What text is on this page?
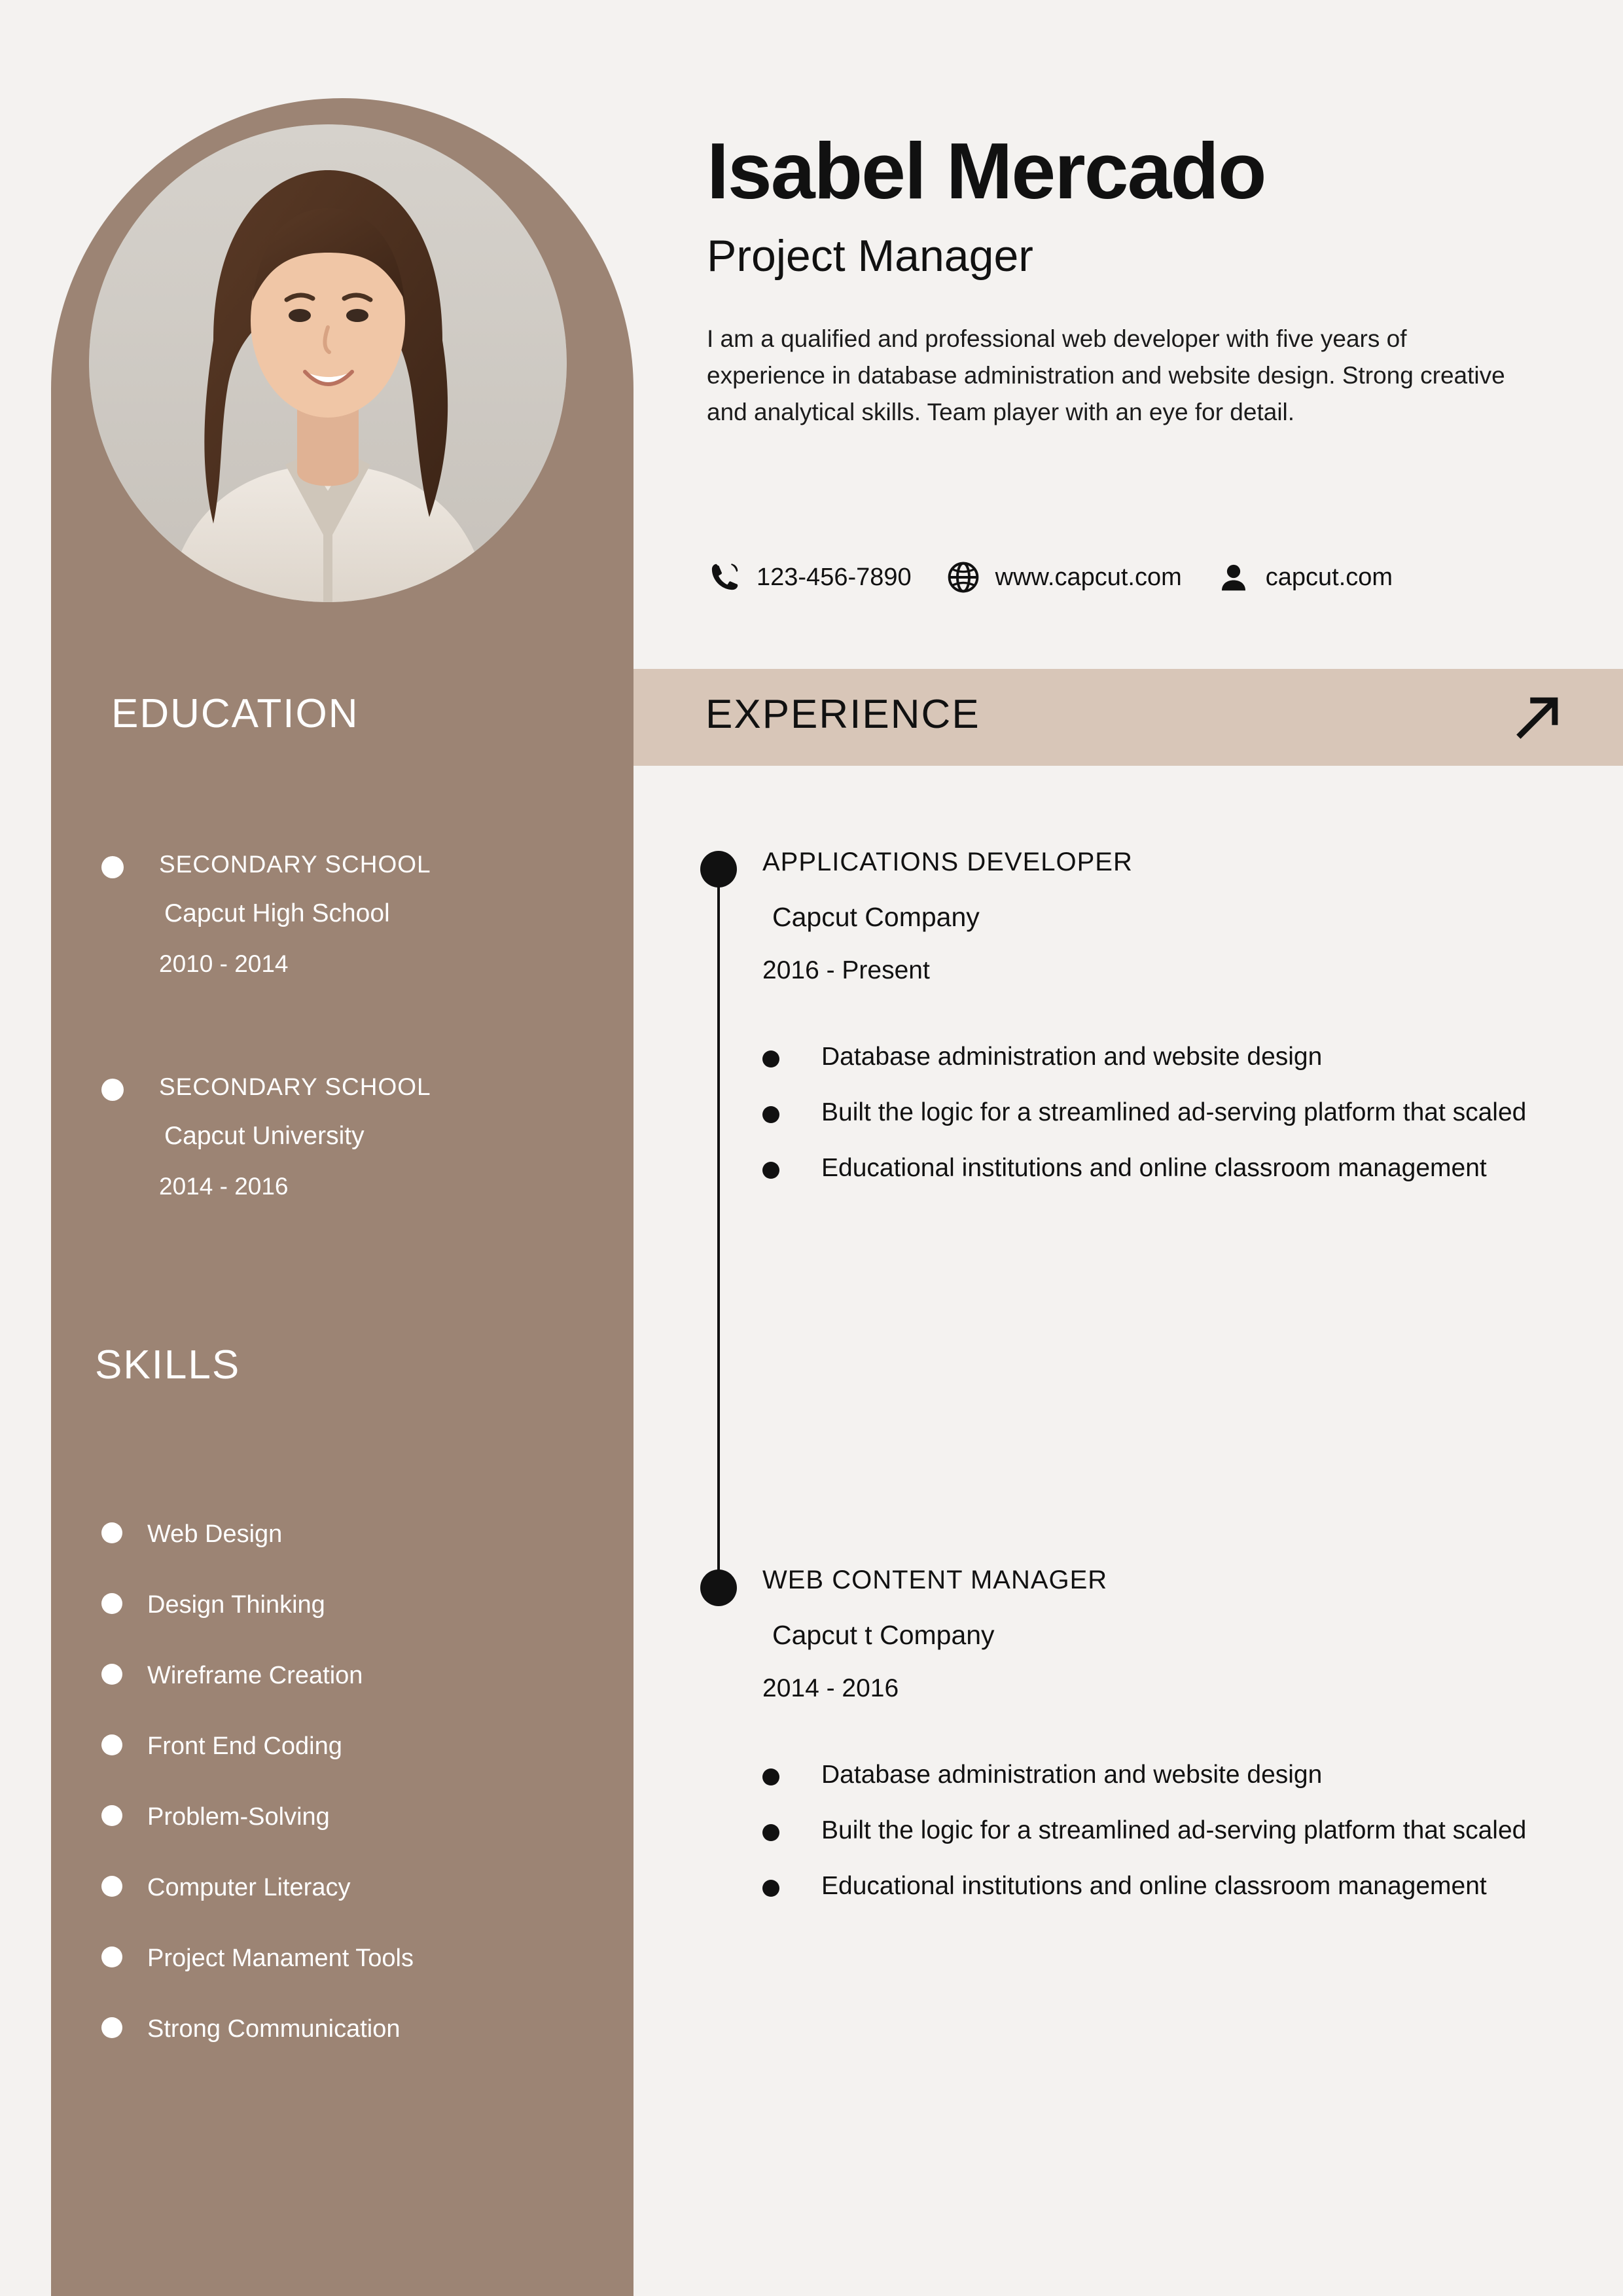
EDUCATION
SECONDARY SCHOOL
Capcut High School
2010 - 2014
SECONDARY SCHOOL
Capcut University
2014 - 2016
SKILLS
Web Design
Design Thinking
Wireframe Creation
Front End Coding
Problem-Solving
Computer Literacy
Project Manament Tools
Strong Communication
Isabel Mercado
Project Manager
I am a qualified and professional web developer with five years of experience in database administration and website design. Strong creative and analytical skills. Team player with an eye for detail.
123-456-7890	www.capcut.com	capcut.com
EXPERIENCE
APPLICATIONS DEVELOPER
Capcut Company
2016 - Present
Database administration and website design
Built the logic for a streamlined ad-serving platform that scaled
Educational institutions and online classroom management
WEB CONTENT MANAGER
Capcut t Company
2014 - 2016
Database administration and website design
Built the logic for a streamlined ad-serving platform that scaled
Educational institutions and online classroom management
